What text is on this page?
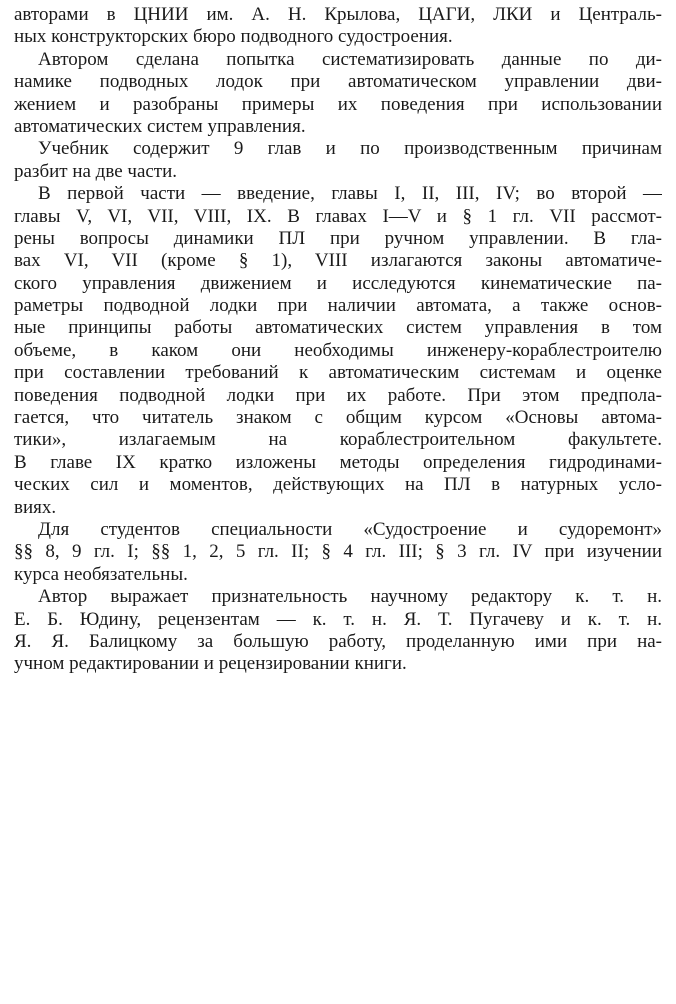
авторами в ЦНИИ им. А. Н. Крылова, ЦАГИ, ЛКИ и Централь-
ных конструкторских бюро подводного судостроения.
Автором сделана попытка систематизировать данные по ди-
намике подводных лодок при автоматическом управлении дви-
жением и разобраны примеры их поведения при использовании
автоматических систем управления.
Учебник содержит 9 глав и по производственным причинам
разбит на две части.
В первой части — введение, главы I, II, III, IV; во второй —
главы V, VI, VII, VIII, IX. В главах I—V и § 1 гл. VII рассмот-
рены вопросы динамики ПЛ при ручном управлении. В гла-
вах VI, VII (кроме § 1), VIII излагаются законы автоматиче-
ского управления движением и исследуются кинематические па-
раметры подводной лодки при наличии автомата, а также основ-
ные принципы работы автоматических систем управления в том
объеме, в каком они необходимы инженеру-кораблестроителю
при составлении требований к автоматическим системам и оценке
поведения подводной лодки при их работе. При этом предпола-
гается, что читатель знаком с общим курсом «Основы автома-
тики», излагаемым на кораблестроительном факультете.
В главе IX кратко изложены методы определения гидродинами-
ческих сил и моментов, действующих на ПЛ в натурных усло-
виях.
Для студентов специальности «Судостроение и судоремонт»
§§ 8, 9 гл. I; §§ 1, 2, 5 гл. II; § 4 гл. III; § 3 гл. IV при изучении
курса необязательны.
Автор выражает признательность научному редактору к. т. н.
Е. Б. Юдину, рецензентам — к. т. н. Я. Т. Пугачеву и к. т. н.
Я. Я. Балицкому за большую работу, проделанную ими при на-
учном редактировании и рецензировании книги.
